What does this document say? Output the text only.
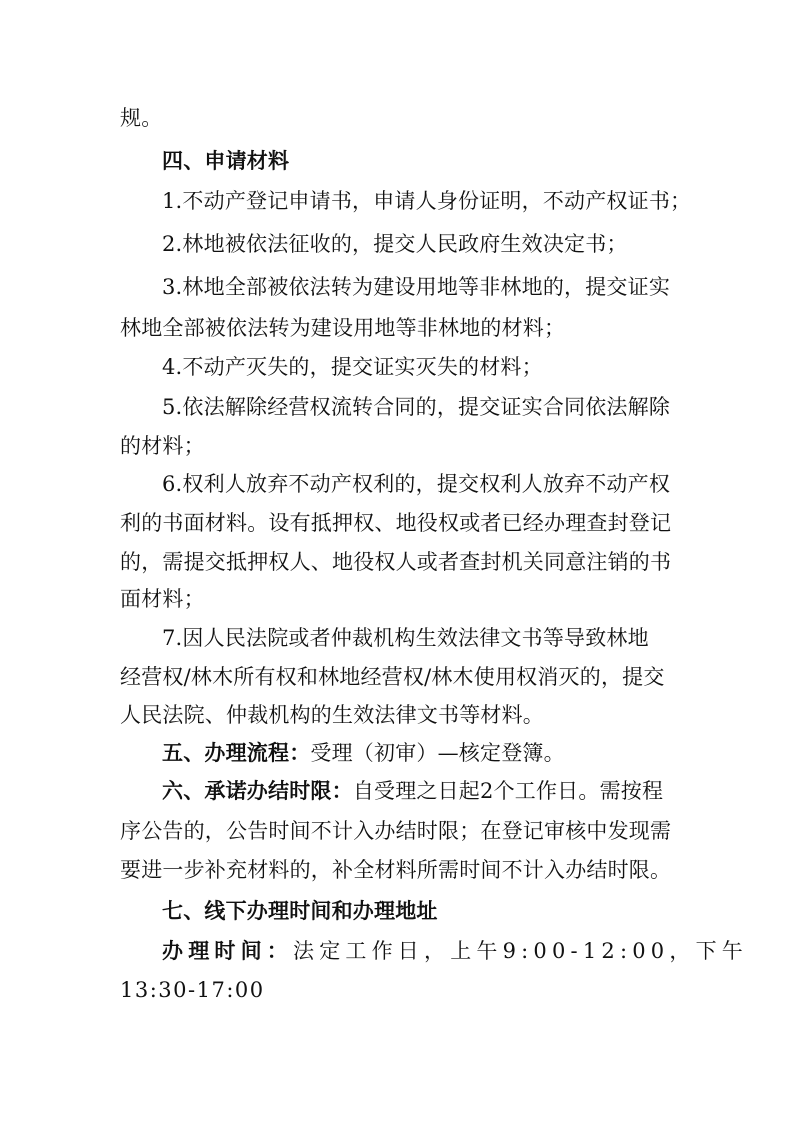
规。
四、申请材料
1.不动产登记申请书，申请人身份证明，不动产权证书；
2.林地被依法征收的，提交人民政府生效决定书；
3.林地全部被依法转为建设用地等非林地的，提交证实
林地全部被依法转为建设用地等非林地的材料；
4.不动产灭失的，提交证实灭失的材料；
5.依法解除经营权流转合同的，提交证实合同依法解除
的材料；
6.权利人放弃不动产权利的，提交权利人放弃不动产权
利的书面材料。设有抵押权、地役权或者已经办理查封登记
的，需提交抵押权人、地役权人或者查封机关同意注销的书
面材料；
7.因人民法院或者仲裁机构生效法律文书等导致林地
经营权/林木所有权和林地经营权/林木使用权消灭的，提交
人民法院、仲裁机构的生效法律文书等材料。
五、办理流程：受理（初审）—核定登簿。
六、承诺办结时限：自受理之日起2个工作日。需按程
序公告的，公告时间不计入办结时限；在登记审核中发现需
要进一步补充材料的，补全材料所需时间不计入办结时限。
七、线下办理时间和办理地址
办理时间：法定工作日，上午9:00-12:00，下午
13:30-17:00
